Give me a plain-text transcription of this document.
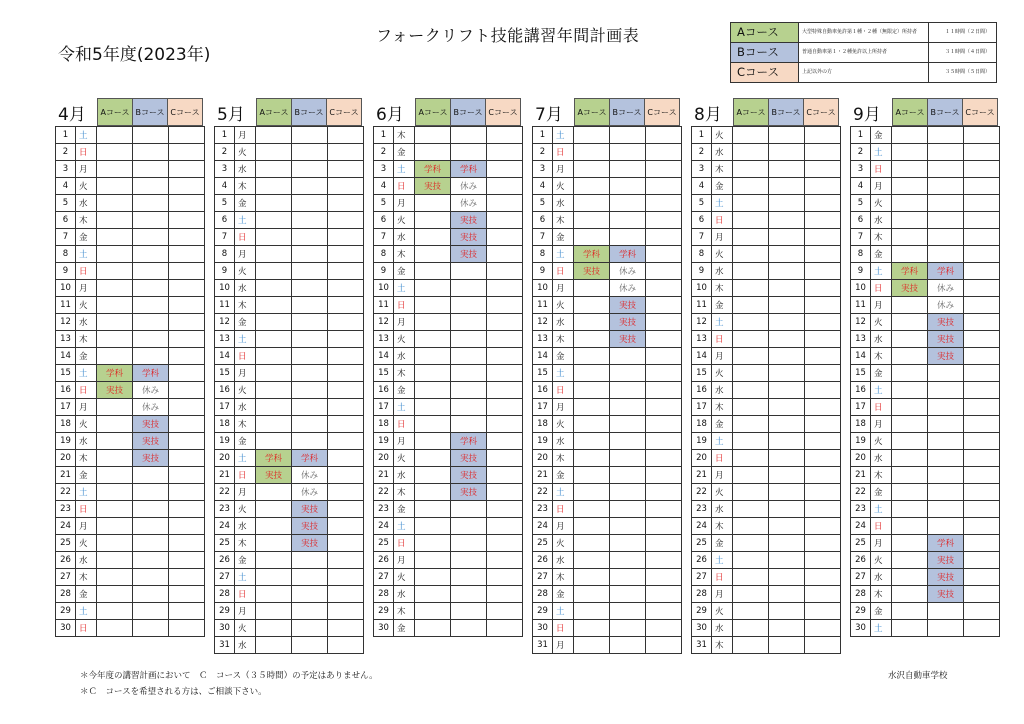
フォークリフト技能講習年間計画表
令和5年度(2023年)
Aコース	大型特殊自動車免許第１種・２種（無限定）所持者	１１時間（２日間）
Bコース	普通自動車第１・２種免許以上所持者	３１時間（４日間）
Cコース	上記以外の方	３５時間（５日間）
4月	Aコース Bコース Cコース
1	土			
2	日			
3	月			
4	火			
5	水			
6	木			
7	金			
8	土			
9	日			
10	月			
11	火			
12	水			
13	木			
14	金			
15	土	学科	学科	
16	日	実技	休み	
17	月		休み	
18	火		実技	
19	水		実技	
20	木		実技	
21	金			
22	土			
23	日			
24	月			
25	火			
26	水			
27	木			
28	金			
29	土			
30	日			
5月	Aコース Bコース Cコース
1	月			
2	火			
3	水			
4	木			
5	金			
6	土			
7	日			
8	月			
9	火			
10	水			
11	木			
12	金			
13	土			
14	日			
15	月			
16	火			
17	水			
18	木			
19	金			
20	土	学科	学科	
21	日	実技	休み	
22	月		休み	
23	火		実技	
24	水		実技	
25	木		実技	
26	金			
27	土			
28	日			
29	月			
30	火			
31	水			
6月	Aコース Bコース Cコース
1	木			
2	金			
3	土	学科	学科	
4	日	実技	休み	
5	月		休み	
6	火		実技	
7	水		実技	
8	木		実技	
9	金			
10	土			
11	日			
12	月			
13	火			
14	水			
15	木			
16	金			
17	土			
18	日			
19	月		学科	
20	火		実技	
21	水		実技	
22	木		実技	
23	金			
24	土			
25	日			
26	月			
27	火			
28	水			
29	木			
30	金			
7月	Aコース Bコース Cコース
1	土			
2	日			
3	月			
4	火			
5	水			
6	木			
7	金			
8	土	学科	学科	
9	日	実技	休み	
10	月		休み	
11	火		実技	
12	水		実技	
13	木		実技	
14	金			
15	土			
16	日			
17	月			
18	火			
19	水			
20	木			
21	金			
22	土			
23	日			
24	月			
25	火			
26	水			
27	木			
28	金			
29	土			
30	日			
31	月			
8月	Aコース Bコース Cコース
1	火			
2	水			
3	木			
4	金			
5	土			
6	日			
7	月			
8	火			
9	水			
10	木			
11	金			
12	土			
13	日			
14	月			
15	火			
16	水			
17	木			
18	金			
19	土			
20	日			
21	月			
22	火			
23	水			
24	木			
25	金			
26	土			
27	日			
28	月			
29	火			
30	水			
31	木			
9月	Aコース Bコース Cコース
1	金			
2	土			
3	日			
4	月			
5	火			
6	水			
7	木			
8	金			
9	土	学科	学科	
10	日	実技	休み	
11	月		休み	
12	火		実技	
13	水		実技	
14	木		実技	
15	金			
16	土			
17	日			
18	月			
19	火			
20	水			
21	木			
22	金			
23	土			
24	日			
25	月		学科	
26	火		実技	
27	水		実技	
28	木		実技	
29	金			
30	土			
＊今年度の講習計画において　Ｃ　コース（３５時間）の予定はありません。
＊Ｃ　コースを希望される方は、ご相談下さい。
水沢自動車学校
